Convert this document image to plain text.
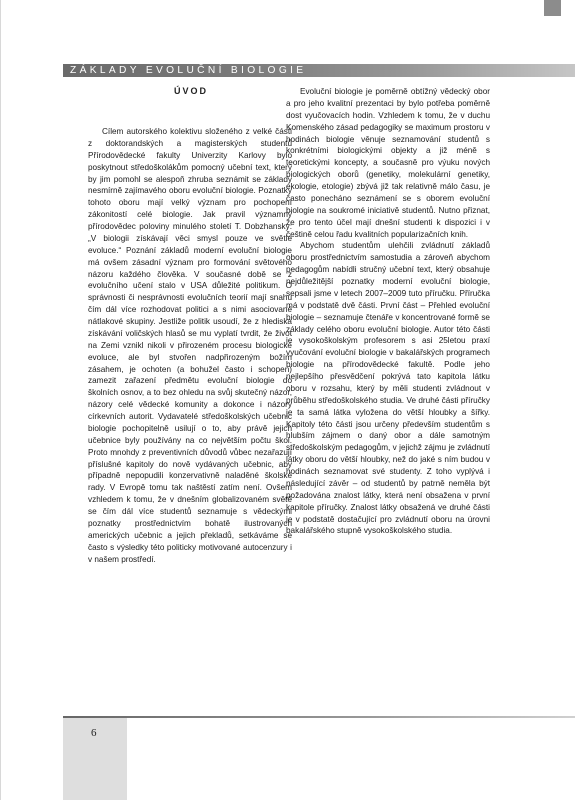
ZÁKLADY EVOLUČNÍ BIOLOGIE
ÚVOD

Cílem autorského kolektivu složeného z velké části z doktorandských a magisterských studentů Přírodovědecké fakulty Univerzity Karlovy bylo poskytnout středoškolákům pomocný učební text, který by jim pomohl se alespoň zhruba seznámit se základy nesmírně zajímavého oboru evoluční biologie. Poznatky tohoto oboru mají velký význam pro pochopení zákonitostí celé biologie. Jak pravil významný přírodovědec poloviny minulého století T. Dobzhansky: „V biologii získávají věci smysl pouze ve světle evoluce.“ Poznání základů moderní evoluční biologie má ovšem zásadní význam pro formování světového názoru každého člověka. V současné době se z evolučního učení stalo v USA důležité politikum. O správnosti či nesprávnosti evolučních teorií mají snahu čím dál více rozhodovat politici a s nimi asociované nátlakové skupiny. Jestliže politik usoudí, že z hlediska získávání voličských hlasů se mu vyplatí tvrdit, že život na Zemi vznikl nikoli v přirozeném procesu biologické evoluce, ale byl stvořen nadpřirozeným božím zásahem, je ochoten (a bohužel často i schopen) zamezit zařazení předmětu evoluční biologie do školních osnov, a to bez ohledu na svůj skutečný názor, názory celé vědecké komunity a dokonce i názory církevních autorit. Vydavatelé středoškolských učebnic biologie pochopitelně usilují o to, aby právě jejich učebnice byly používány na co největším počtu škol. Proto mnohdy z preventivních důvodů vůbec nezařazují příslušné kapitoly do nově vydávaných učebnic, aby případně nepopudili konzervativně naladěné školské rady. V Evropě tomu tak naštěstí zatím není. Ovšem vzhledem k tomu, že v dnešním globalizovaném světě se čím dál více studentů seznamuje s vědeckými poznatky prostřednictvím bohatě ilustrovaných amerických učebnic a jejich překladů, setkáváme se často s výsledky této politicky motivované autocenzury i v našem prostředí.

Evoluční biologie je poměrně obtížný vědecký obor a pro jeho kvalitní prezentaci by bylo potřeba poměrně dost vyučovacích hodin. Vzhledem k tomu, že v duchu Komenského zásad pedagogiky se maximum prostoru v hodinách biologie věnuje seznamování studentů s konkrétními biologickými objekty a již méně s teoretickými koncepty, a současně pro výuku nových biologických oborů (genetiky, molekulární genetiky, ekologie, etologie) zbývá již tak relativně málo času, je často ponecháno seznámení se s oborem evoluční biologie na soukromé iniciativě studentů. Nutno přiznat, že pro tento účel mají dnešní studenti k dispozici i v češtině celou řadu kvalitních popularizačních knih.

Abychom studentům ulehčili zvládnutí základů oboru prostřednictvím samostudia a zároveň abychom pedagogům nabídli stručný učební text, který obsahuje nejdůležitější poznatky moderní evoluční biologie, sepsali jsme v letech 2007–2009 tuto příručku. Příručka má v podstatě dvě části. První část – Přehled evoluční biologie – seznamuje čtenáře v koncentrované formě se základy celého oboru evoluční biologie. Autor této části je vysokoškolským profesorem s asi 25letou praxí vyučování evoluční biologie v bakalářských programech biologie na přírodovědecké fakultě. Podle jeho nejlepšího přesvědčení pokrývá tato kapitola látku oboru v rozsahu, který by měli studenti zvládnout v průběhu středoškolského studia. Ve druhé části příručky je ta samá látka vyložena do větší hloubky a šířky. Kapitoly této části jsou určeny především studentům s hlubším zájmem o daný obor a dále samotným středoškolským pedagogům, v jejichž zájmu je zvládnutí látky oboru do větší hloubky, než do jaké s ním budou v hodinách seznamovat své studenty. Z toho vyplývá i následující závěr – od studentů by patrně neměla být požadována znalost látky, která není obsažena v první kapitole příručky. Znalost látky obsažená ve druhé části je v podstatě dostačující pro zvládnutí oboru na úrovni bakalářského stupně vysokoškolského studia.

6
